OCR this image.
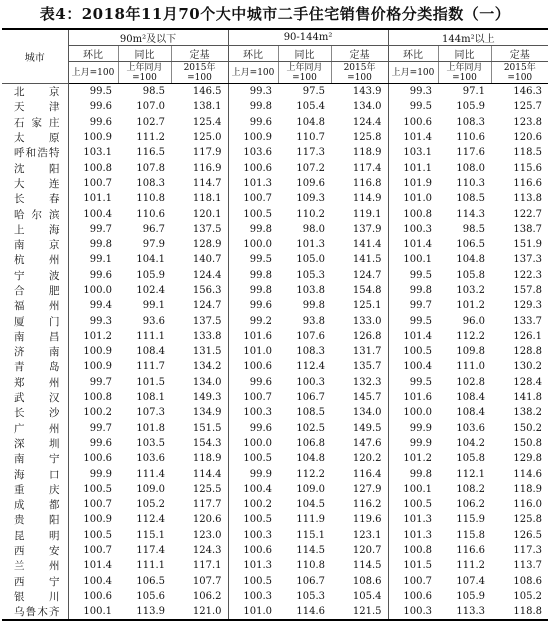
表4：2018年11月70个大中城市二手住宅销售价格分类指数（一）
城市	90m²及以下			90-144m²			144m²以上		
	环比	同比	定基	环比	同比	定基	环比	同比	定基
	上月=100	上年同月=100	2015年=100	上月=100	上年同月=100	2015年=100	上月=100	上年同月=100	2015年=100
北京	99.5	98.5	146.5	99.3	97.5	143.9	99.3	97.1	146.3
天津	99.6	107.0	138.1	99.8	105.4	134.0	99.5	105.9	125.7
石家庄	99.6	102.7	125.4	99.6	104.8	124.4	100.6	108.3	123.8
太原	100.9	111.2	125.0	100.9	110.7	125.8	101.4	110.6	120.6
呼和浩特	103.1	116.5	117.9	103.6	117.3	118.9	103.1	117.6	118.5
沈阳	100.8	107.8	116.9	100.6	107.2	117.4	101.1	108.0	115.6
大连	100.7	108.3	114.7	101.3	109.6	116.8	101.9	110.3	116.6
长春	101.1	110.8	118.1	100.7	109.3	114.9	101.0	108.5	113.8
哈尔滨	100.4	110.6	120.1	100.5	110.2	119.1	100.8	114.3	122.7
上海	99.7	96.7	137.5	99.8	98.0	137.9	100.3	98.5	138.7
南京	99.8	97.9	128.9	100.0	101.3	141.4	101.4	106.5	151.9
杭州	99.1	104.1	140.7	99.5	105.0	141.5	100.1	104.8	137.3
宁波	99.6	105.9	124.4	99.8	105.3	124.7	99.5	105.8	122.3
合肥	100.0	102.4	156.3	99.8	103.8	154.8	99.8	103.2	157.8
福州	99.4	99.1	124.7	99.6	99.8	125.1	99.7	101.2	129.3
厦门	99.3	93.6	137.5	99.2	93.8	133.0	99.5	96.0	133.7
南昌	101.2	111.1	133.8	101.6	107.6	126.8	101.4	112.2	126.1
济南	100.9	108.4	131.5	101.0	108.3	131.7	100.5	109.8	128.8
青岛	100.9	111.7	134.2	100.6	112.4	135.7	100.4	111.0	130.2
郑州	99.7	101.5	134.0	99.6	100.3	132.3	99.5	102.8	128.4
武汉	100.8	108.1	149.3	100.7	106.7	145.7	101.6	108.4	141.8
长沙	100.2	107.3	134.9	100.3	108.5	134.0	100.0	108.4	138.2
广州	99.7	101.8	151.5	99.6	102.5	149.5	99.9	103.6	150.2
深圳	99.6	103.5	154.3	100.0	106.8	147.6	99.9	104.2	150.8
南宁	100.6	103.6	118.9	100.5	104.8	120.2	101.2	105.8	129.8
海口	99.9	111.4	114.4	99.9	112.2	116.4	99.8	112.1	114.6
重庆	100.5	109.0	125.5	100.4	109.0	127.9	100.1	108.2	118.9
成都	100.7	105.2	117.7	100.2	104.5	116.2	100.5	106.2	116.0
贵阳	100.9	112.4	120.6	100.5	111.9	119.6	101.3	115.9	125.8
昆明	100.5	115.1	123.0	100.3	115.1	123.1	101.3	115.8	126.5
西安	100.7	117.4	124.3	100.6	114.5	120.7	100.8	116.6	117.3
兰州	101.4	111.1	117.1	101.3	110.8	114.5	101.5	111.2	113.7
西宁	100.4	106.5	107.7	100.5	106.7	108.6	100.7	107.4	108.6
银川	100.6	105.6	106.2	100.3	105.3	105.4	100.6	105.9	105.2
乌鲁木齐	100.1	113.9	121.0	101.0	114.6	121.5	100.3	113.3	118.8
